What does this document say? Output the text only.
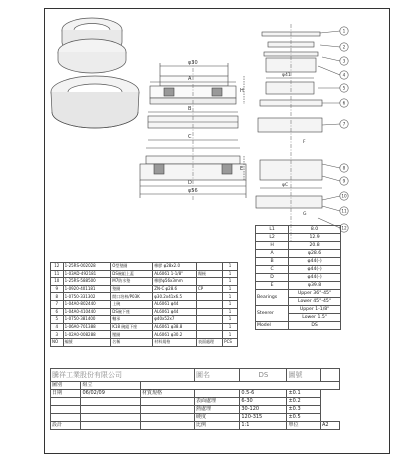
φ30
A
B
C
D
φ56
H
E
φ41
φC
F
G
1
2
3
4
5
6
7
8
9
10
11
12
12	1-25RS-002028	O型墊圈	橡膠 φ28x2.0		1
11	1-03AD-492181	DS碗組上蓋	AL6061 1-1/8"	陽極	1
10	1-25RS-588500	M7防水墊	橡膠φ56x3mm		1
9	1-0920-401181	墊圈	ZN-C φ28.6	CP	1
8	1-0750-331302	開口培林/P03K	φ30.2x41x6.5		1
7	1-04A0-802440	上碗	AL6061 φ44		1
6	1-04A0-410440	DS碗下座	AL6061 φ44		1
5	1-0750-381400	軸承	φ40x52x7		1
4	1-06A0-701388	K18 碗組下座	AL6061 φ38.8		1
3	1-02A0-008288	壓圈	AL6061 φ30.2		1
NO	編號	名稱	材料規格	表面處理	PCS
L1	8.0
L2	12.9
H	20.8
A	φ28.6
B	φ44(-)
C	φ44(-)
D	φ44(-)
E	φ39.8
Bearings	Upper 36°-45°
	Lower 45°-45°
Steerer	Upper 1-1/8"
	Lower 1.5"
Model	DS
騰祥工業股份有限公司			圖名	DS	圖號	
圖別	組立					
日期	06/02/09	材質規格		0.5-6	±0.1	
			表面處理	6-30	±0.2	
			熱處理	30-120	±0.3	
			硬度	120-315	±0.5	
設計			比例	1:1	單位	A2
